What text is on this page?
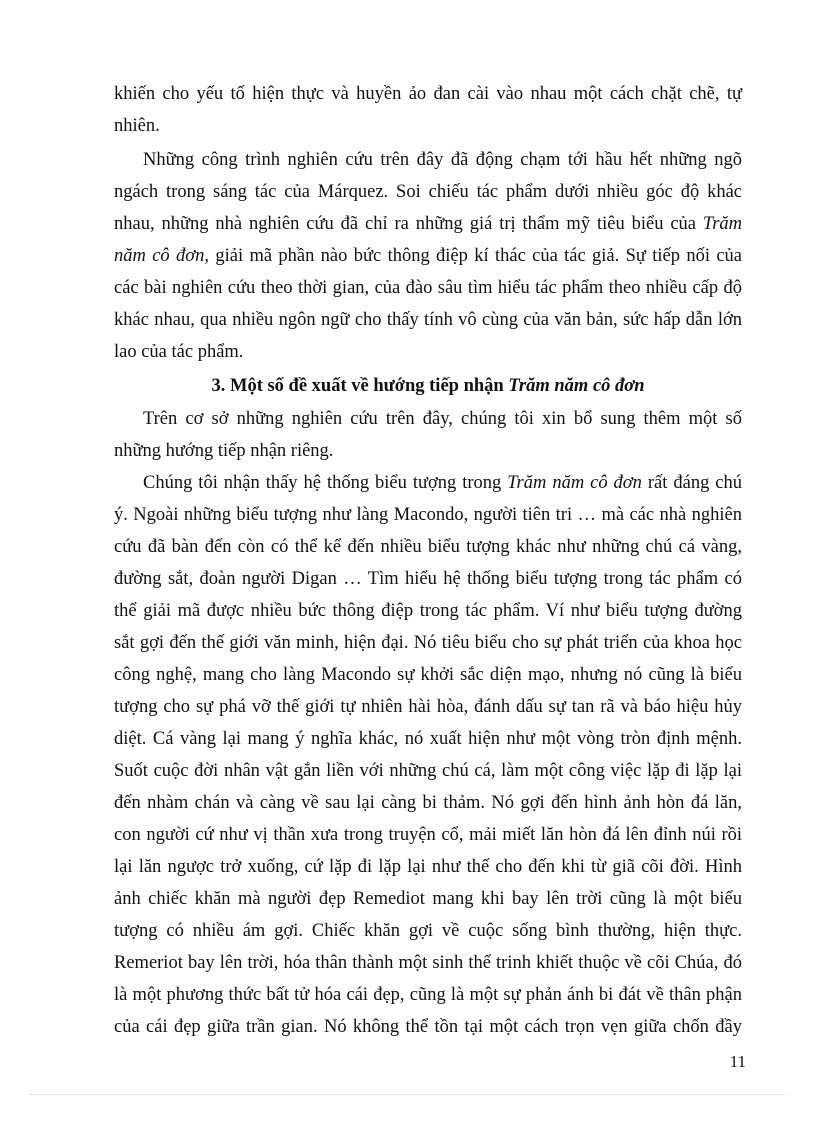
khiến cho yếu tố hiện thực và huyền ảo đan cài vào nhau một cách chặt chẽ, tự
nhiên.
Những công trình nghiên cứu trên đây đã động chạm tới hầu hết những ngõ
ngách trong sáng tác của Márquez. Soi chiếu tác phẩm dưới nhiều góc độ khác
nhau, những nhà nghiên cứu đã chỉ ra những giá trị thẩm mỹ tiêu biểu của Trăm
năm cô đơn, giải mã phần nào bức thông điệp kí thác của tác giả. Sự tiếp nối của
các bài nghiên cứu theo thời gian, của đào sâu tìm hiểu tác phẩm theo nhiều cấp độ
khác nhau, qua nhiều ngôn ngữ cho thấy tính vô cùng của văn bản, sức hấp dẫn lớn
lao của tác phẩm.
3. Một số đề xuất về hướng tiếp nhận Trăm năm cô đơn
Trên cơ sở những nghiên cứu trên đây, chúng tôi xin bổ sung thêm một số
những hướng tiếp nhận riêng.
Chúng tôi nhận thấy hệ thống biểu tượng trong Trăm năm cô đơn rất đáng chú
ý. Ngoài những biểu tượng như làng Macondo, người tiên tri … mà các nhà nghiên
cứu đã bàn đến còn có thể kể đến nhiều biểu tượng khác như những chú cá vàng,
đường sắt, đoàn người Digan … Tìm hiểu hệ thống biểu tượng trong tác phẩm có
thể giải mã được nhiều bức thông điệp trong tác phẩm. Ví như biểu tượng đường
sắt gợi đến thế giới văn minh, hiện đại. Nó tiêu biểu cho sự phát triển của khoa học
công nghệ, mang cho làng Macondo sự khởi sắc diện mạo, nhưng nó cũng là biểu
tượng cho sự phá vỡ thế giới tự nhiên hài hòa, đánh dấu sự tan rã và báo hiệu hủy
diệt. Cá vàng lại mang ý nghĩa khác, nó xuất hiện như một vòng tròn định mệnh.
Suốt cuộc đời nhân vật gắn liền với những chú cá, làm một công việc lặp đi lặp lại
đến nhàm chán và càng về sau lại càng bi thảm. Nó gợi đến hình ảnh hòn đá lăn,
con người cứ như vị thần xưa trong truyện cổ, mải miết lăn hòn đá lên đỉnh núi rồi
lại lăn ngược trở xuống, cứ lặp đi lặp lại như thế cho đến khi từ giã cõi đời. Hình
ảnh chiếc khăn mà người đẹp Remediot mang khi bay lên trời cũng là một biểu
tượng có nhiều ám gợi. Chiếc khăn gợi về cuộc sống bình thường, hiện thực.
Remeriot bay lên trời, hóa thân thành một sinh thể trinh khiết thuộc về cõi Chúa, đó
là một phương thức bất tử hóa cái đẹp, cũng là một sự phản ánh bi đát về thân phận
của cái đẹp giữa trần gian. Nó không thể tồn tại một cách trọn vẹn giữa chốn đầy
11
